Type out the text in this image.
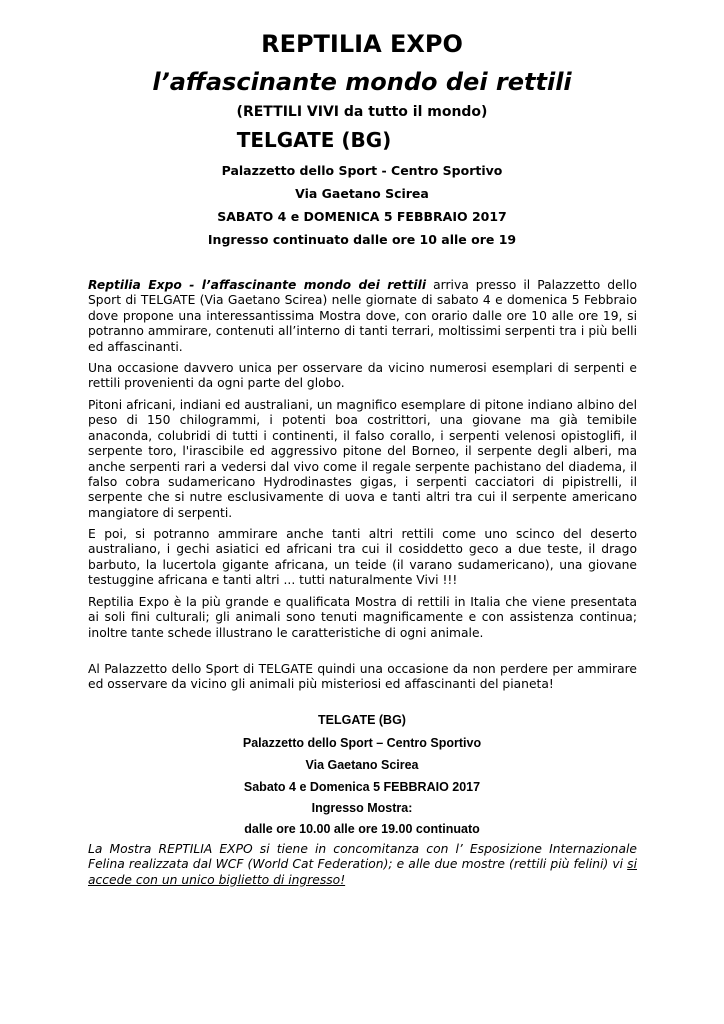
REPTILIA EXPO
l’affascinante mondo dei rettili
(RETTILI VIVI da tutto il mondo)
TELGATE (BG)
Palazzetto dello Sport - Centro Sportivo
Via Gaetano Scirea
SABATO 4 e DOMENICA 5 FEBBRAIO 2017
Ingresso continuato dalle ore 10 alle ore 19

Reptilia Expo - l’affascinante mondo dei rettili arriva presso il Palazzetto dello Sport di TELGATE (Via Gaetano Scirea) nelle giornate di sabato 4 e domenica 5 Febbraio dove propone una interessantissima Mostra dove, con orario dalle ore 10 alle ore 19, si potranno ammirare, contenuti all’interno di tanti terrari, moltissimi serpenti tra i più belli ed affascinanti.

Una occasione davvero unica per osservare da vicino numerosi esemplari di serpenti e rettili provenienti da ogni parte del globo.

Pitoni africani, indiani ed australiani, un magnifico esemplare di pitone indiano albino del peso di 150 chilogrammi, i potenti boa costrittori, una giovane ma già temibile anaconda, colubridi di tutti i continenti, il falso corallo, i serpenti velenosi opistoglifi, il serpente toro, l'irascibile ed aggressivo pitone del Borneo, il serpente degli alberi, ma anche serpenti rari a vedersi dal vivo come il regale serpente pachistano del diadema, il falso cobra sudamericano Hydrodinastes gigas, i serpenti cacciatori di pipistrelli, il serpente che si nutre esclusivamente di uova e tanti altri tra cui il serpente americano mangiatore di serpenti.

E poi, si potranno ammirare anche tanti altri rettili come uno scinco del deserto australiano, i gechi asiatici ed africani tra cui il cosiddetto geco a due teste, il drago barbuto, la lucertola gigante africana, un teide (il varano sudamericano), una giovane testuggine africana e tanti altri ... tutti naturalmente Vivi !!!

Reptilia Expo è la più grande e qualificata Mostra di rettili in Italia che viene presentata ai soli fini culturali; gli animali sono tenuti magnificamente e con assistenza continua; inoltre tante schede illustrano le caratteristiche di ogni animale.

Al Palazzetto dello Sport di TELGATE quindi una occasione da non perdere per ammirare ed osservare da vicino gli animali più misteriosi ed affascinanti del pianeta!

TELGATE (BG)
Palazzetto dello Sport – Centro Sportivo
Via Gaetano Scirea
Sabato 4 e Domenica 5 FEBBRAIO 2017
Ingresso Mostra:
dalle ore 10.00 alle ore 19.00 continuato
La Mostra REPTILIA EXPO si tiene in concomitanza con l’ Esposizione Internazionale Felina realizzata dal WCF (World Cat Federation); e alle due mostre (rettili più felini) vi si accede con un unico biglietto di ingresso!
